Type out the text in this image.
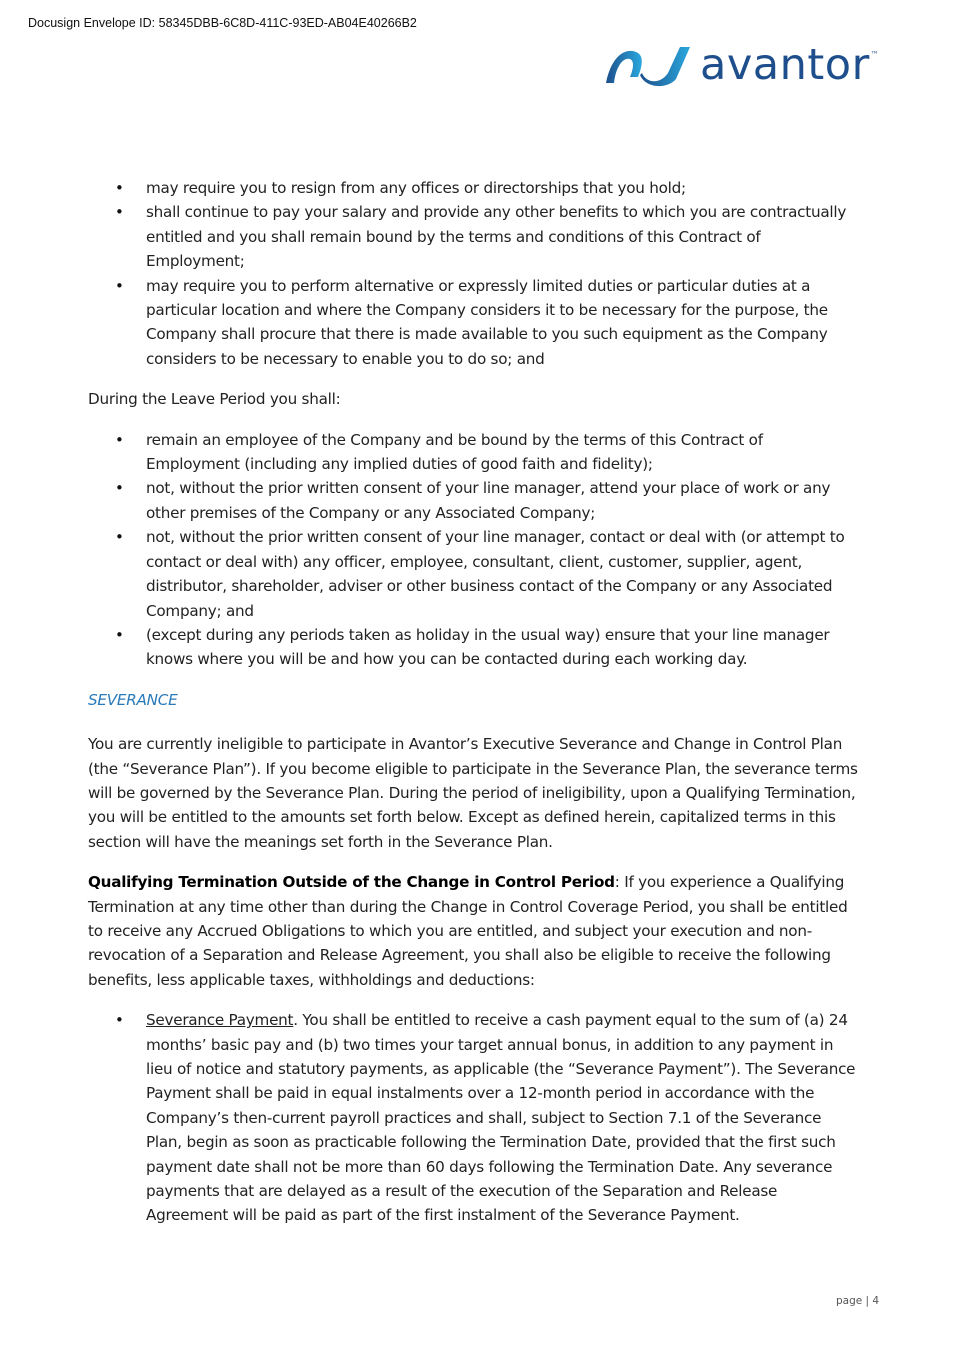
Docusign Envelope ID: 58345DBB-6C8D-411C-93ED-AB04E40266B2
avantor ™
• may require you to resign from any offices or directorships that you hold;
• shall continue to pay your salary and provide any other benefits to which you are contractually entitled and you shall remain bound by the terms and conditions of this Contract of Employment;
• may require you to perform alternative or expressly limited duties or particular duties at a particular location and where the Company considers it to be necessary for the purpose, the Company shall procure that there is made available to you such equipment as the Company considers to be necessary to enable you to do so; and

During the Leave Period you shall:

• remain an employee of the Company and be bound by the terms of this Contract of Employment (including any implied duties of good faith and fidelity);
• not, without the prior written consent of your line manager, attend your place of work or any other premises of the Company or any Associated Company;
• not, without the prior written consent of your line manager, contact or deal with (or attempt to contact or deal with) any officer, employee, consultant, client, customer, supplier, agent, distributor, shareholder, adviser or other business contact of the Company or any Associated Company; and
• (except during any periods taken as holiday in the usual way) ensure that your line manager knows where you will be and how you can be contacted during each working day.

SEVERANCE

You are currently ineligible to participate in Avantor’s Executive Severance and Change in Control Plan (the “Severance Plan”). If you become eligible to participate in the Severance Plan, the severance terms will be governed by the Severance Plan. During the period of ineligibility, upon a Qualifying Termination, you will be entitled to the amounts set forth below. Except as defined herein, capitalized terms in this section will have the meanings set forth in the Severance Plan.

Qualifying Termination Outside of the Change in Control Period: If you experience a Qualifying Termination at any time other than during the Change in Control Coverage Period, you shall be entitled to receive any Accrued Obligations to which you are entitled, and subject your execution and non-revocation of a Separation and Release Agreement, you shall also be eligible to receive the following benefits, less applicable taxes, withholdings and deductions:

• Severance Payment. You shall be entitled to receive a cash payment equal to the sum of (a) 24 months’ basic pay and (b) two times your target annual bonus, in addition to any payment in lieu of notice and statutory payments, as applicable (the “Severance Payment”). The Severance Payment shall be paid in equal instalments over a 12-month period in accordance with the Company’s then-current payroll practices and shall, subject to Section 7.1 of the Severance Plan, begin as soon as practicable following the Termination Date, provided that the first such payment date shall not be more than 60 days following the Termination Date. Any severance payments that are delayed as a result of the execution of the Separation and Release Agreement will be paid as part of the first instalment of the Severance Payment.
page | 4
